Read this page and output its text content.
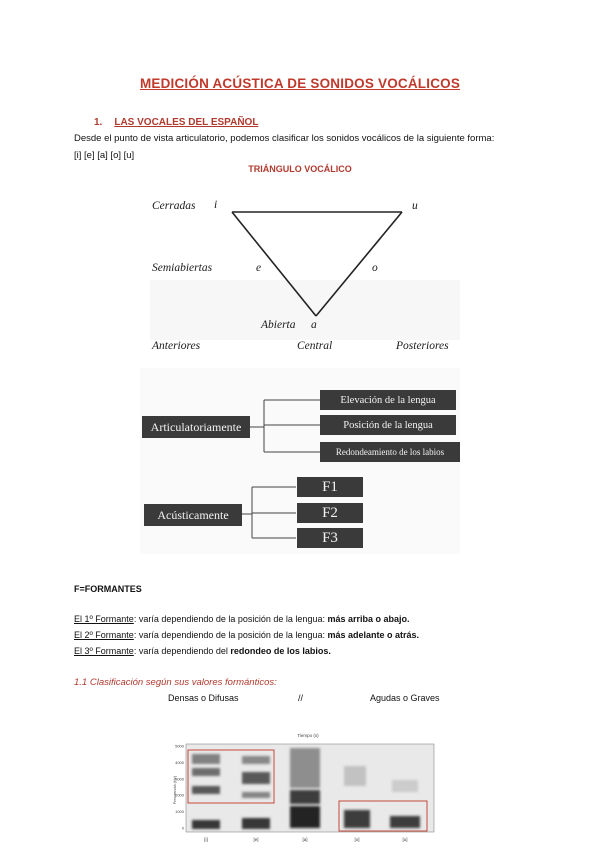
MEDICIÓN ACÚSTICA DE SONIDOS VOCÁLICOS
1. LAS VOCALES DEL ESPAÑOL
Desde el punto de vista articulatorio, podemos clasificar los sonidos vocálicos de la siguiente forma:
[i] [e] [a] [o] [u]
TRIÁNGULO VOCÁLICO
Cerradas i	u
Semiabiertas	e	o
Abierta a
Anteriores	Central	Posteriores
Articulatoriamente
Elevación de la lengua
Posición de la lengua
Redondeamiento de los labios
Acústicamente
F1
F2
F3
F=FORMANTES
El 1º Formante: varía dependiendo de la posición de la lengua: más arriba o abajo.
El 2º Formante: varía dependiendo de la posición de la lengua: más adelante o atrás.
El 3º Formante: varía dependiendo del redondeo de los labios.
1.1 Clasificación según sus valores formánticos:
Densas o Difusas	//	Agudas o Graves
Tiempo (s)
Frecuencia (Hz)
5000
4000
3000
2000
1000
0
[i]	[e]	[a]	[o]	[u]
